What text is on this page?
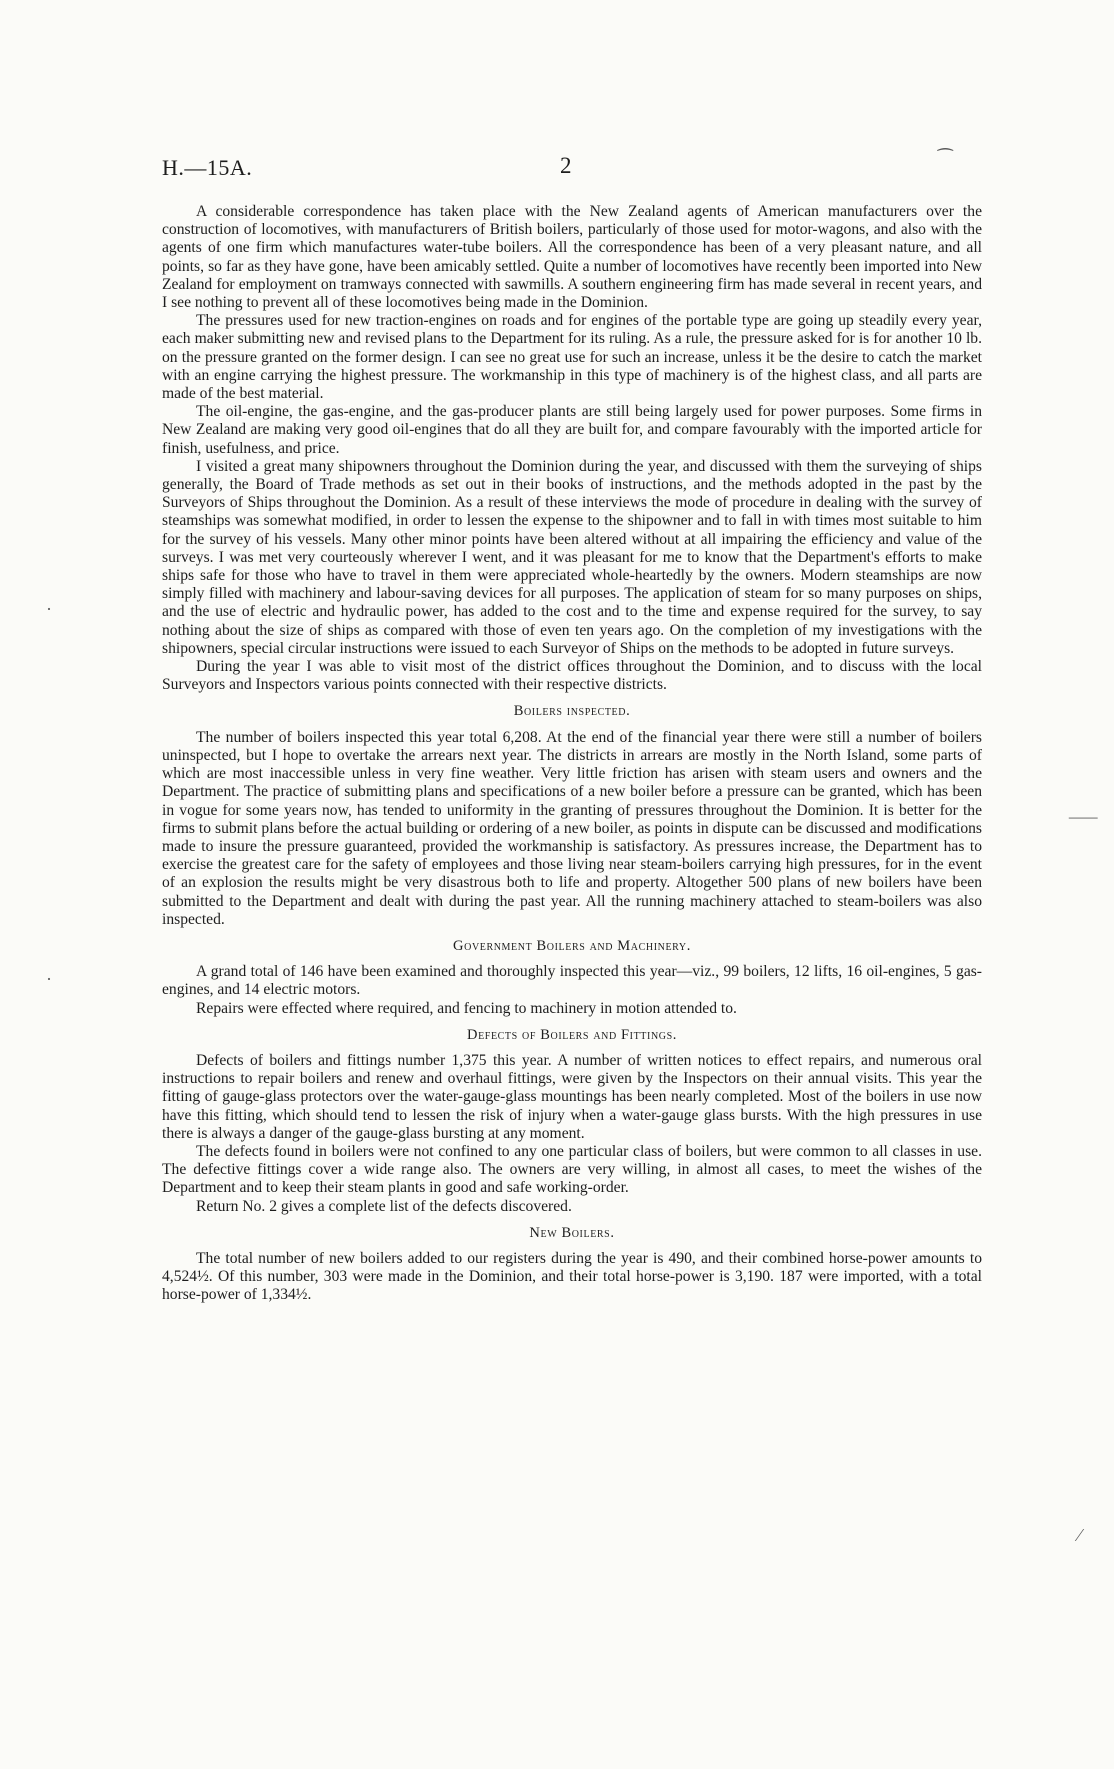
H.—15A.	2

A considerable correspondence has taken place with the New Zealand agents of American manufacturers over the construction of locomotives, with manufacturers of British boilers, particularly of those used for motor-wagons, and also with the agents of one firm which manufactures water-tube boilers. All the correspondence has been of a very pleasant nature, and all points, so far as they have gone, have been amicably settled. Quite a number of locomotives have recently been imported into New Zealand for employment on tramways connected with sawmills. A southern engineering firm has made several in recent years, and I see nothing to prevent all of these locomotives being made in the Dominion.

The pressures used for new traction-engines on roads and for engines of the portable type are going up steadily every year, each maker submitting new and revised plans to the Department for its ruling. As a rule, the pressure asked for is for another 10 lb. on the pressure granted on the former design. I can see no great use for such an increase, unless it be the desire to catch the market with an engine carrying the highest pressure. The workmanship in this type of machinery is of the highest class, and all parts are made of the best material.

The oil-engine, the gas-engine, and the gas-producer plants are still being largely used for power purposes. Some firms in New Zealand are making very good oil-engines that do all they are built for, and compare favourably with the imported article for finish, usefulness, and price.

I visited a great many shipowners throughout the Dominion during the year, and discussed with them the surveying of ships generally, the Board of Trade methods as set out in their books of instructions, and the methods adopted in the past by the Surveyors of Ships throughout the Dominion. As a result of these interviews the mode of procedure in dealing with the survey of steamships was somewhat modified, in order to lessen the expense to the shipowner and to fall in with times most suitable to him for the survey of his vessels. Many other minor points have been altered without at all impairing the efficiency and value of the surveys. I was met very courteously wherever I went, and it was pleasant for me to know that the Department's efforts to make ships safe for those who have to travel in them were appreciated whole-heartedly by the owners. Modern steamships are now simply filled with machinery and labour-saving devices for all purposes. The application of steam for so many purposes on ships, and the use of electric and hydraulic power, has added to the cost and to the time and expense required for the survey, to say nothing about the size of ships as compared with those of even ten years ago. On the completion of my investigations with the shipowners, special circular instructions were issued to each Surveyor of Ships on the methods to be adopted in future surveys.

During the year I was able to visit most of the district offices throughout the Dominion, and to discuss with the local Surveyors and Inspectors various points connected with their respective districts.

Boilers inspected.

The number of boilers inspected this year total 6,208. At the end of the financial year there were still a number of boilers uninspected, but I hope to overtake the arrears next year. The districts in arrears are mostly in the North Island, some parts of which are most inaccessible unless in very fine weather. Very little friction has arisen with steam users and owners and the Department. The practice of submitting plans and specifications of a new boiler before a pressure can be granted, which has been in vogue for some years now, has tended to uniformity in the granting of pressures throughout the Dominion. It is better for the firms to submit plans before the actual building or ordering of a new boiler, as points in dispute can be discussed and modifications made to insure the pressure guaranteed, provided the workmanship is satisfactory. As pressures increase, the Department has to exercise the greatest care for the safety of employees and those living near steam-boilers carrying high pressures, for in the event of an explosion the results might be very disastrous both to life and property. Altogether 500 plans of new boilers have been submitted to the Department and dealt with during the past year. All the running machinery attached to steam-boilers was also inspected.

Government Boilers and Machinery.

A grand total of 146 have been examined and thoroughly inspected this year—viz., 99 boilers, 12 lifts, 16 oil-engines, 5 gas-engines, and 14 electric motors.

Repairs were effected where required, and fencing to machinery in motion attended to.

Defects of Boilers and Fittings.

Defects of boilers and fittings number 1,375 this year. A number of written notices to effect repairs, and numerous oral instructions to repair boilers and renew and overhaul fittings, were given by the Inspectors on their annual visits. This year the fitting of gauge-glass protectors over the water-gauge-glass mountings has been nearly completed. Most of the boilers in use now have this fitting, which should tend to lessen the risk of injury when a water-gauge glass bursts. With the high pressures in use there is always a danger of the gauge-glass bursting at any moment.

The defects found in boilers were not confined to any one particular class of boilers, but were common to all classes in use. The defective fittings cover a wide range also. The owners are very willing, in almost all cases, to meet the wishes of the Department and to keep their steam plants in good and safe working-order.

Return No. 2 gives a complete list of the defects discovered.

New Boilers.

The total number of new boilers added to our registers during the year is 490, and their combined horse-power amounts to 4,524½. Of this number, 303 were made in the Dominion, and their total horse-power is 3,190. 187 were imported, with a total horse-power of 1,334½.

·
·
⸺
⁄
⁀
